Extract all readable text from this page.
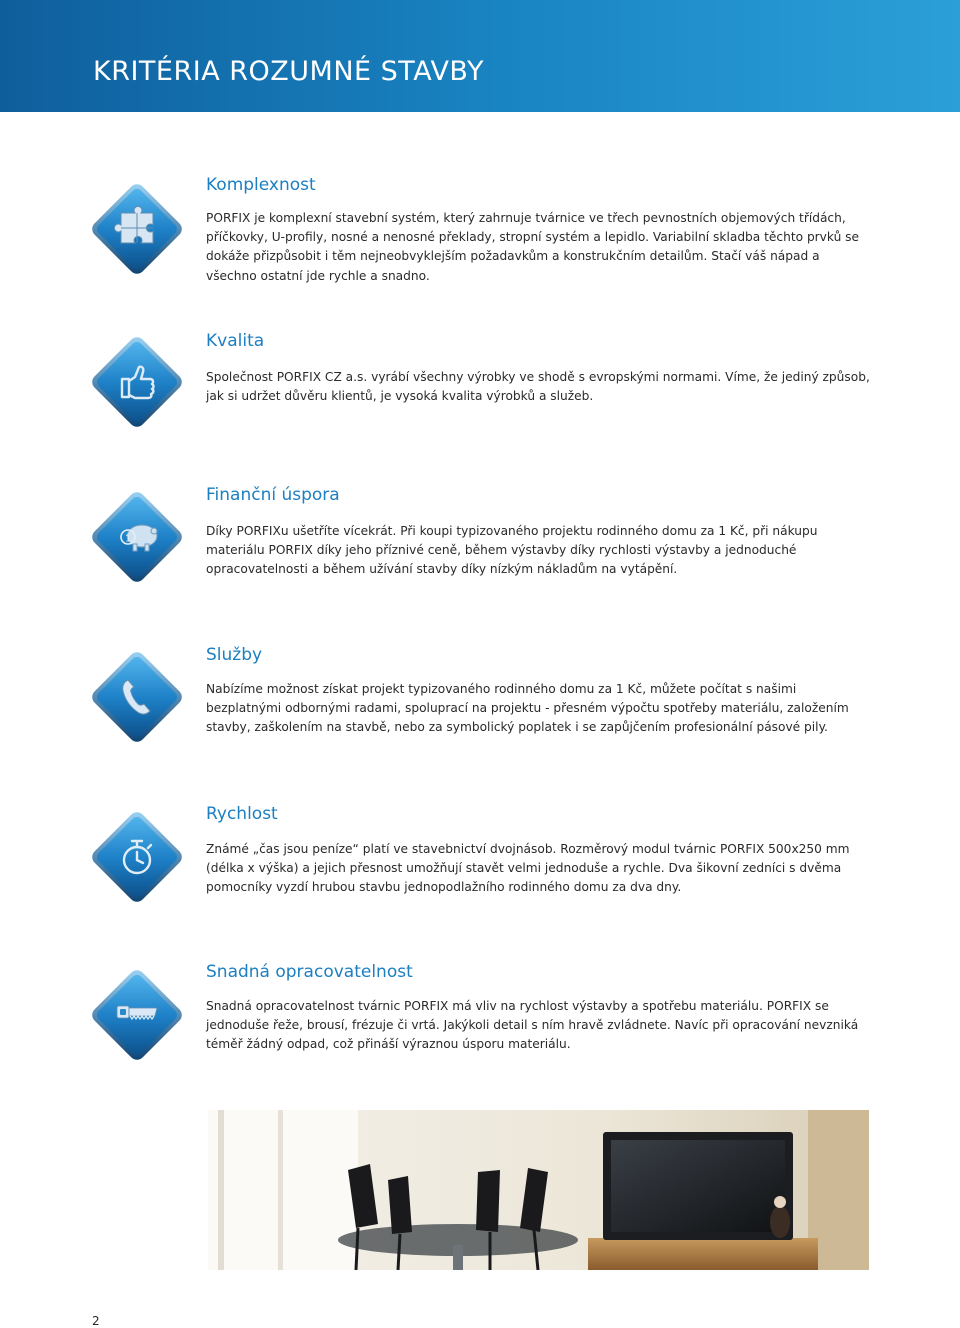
KRITÉRIA ROZUMNÉ STAVBY
Komplexnost
PORFIX je komplexní stavební systém, který zahrnuje tvárnice ve třech pevnostních objemových třídách, příčkovky, U-profily, nosné a nenosné překlady, stropní systém a lepidlo. Variabilní skladba těchto prvků se dokáže přizpůsobit i těm nejneobvyklejším požadavkům a konstrukčním detailům. Stačí váš nápad a všechno ostatní jde rychle a snadno.
Kvalita
Společnost PORFIX CZ a.s. vyrábí všechny výrobky ve shodě s evropskými normami. Víme, že jediný způsob, jak si udržet důvěru klientů, je vysoká kvalita výrobků a služeb.
1
Finanční úspora
Díky PORFIXu ušetříte vícekrát. Při koupi typizovaného projektu rodinného domu za 1 Kč, při nákupu materiálu PORFIX díky jeho příznivé ceně, během výstavby díky rychlosti výstavby a jednoduché opracovatelnosti a během užívání stavby díky nízkým nákladům na vytápění.
Služby
Nabízíme možnost získat projekt typizovaného rodinného domu za 1 Kč, můžete počítat s našimi bezplatnými odbornými radami, spoluprací na projektu - přesném výpočtu spotřeby materiálu, založením stavby, zaškolením na stavbě, nebo za symbolický poplatek i se zapůjčením profesionální pásové pily.
Rychlost
Známé „čas jsou peníze“ platí ve stavebnictví dvojnásob. Rozměrový modul tvárnic PORFIX 500x250 mm (délka x výška) a jejich přesnost umožňují stavět velmi jednoduše a rychle. Dva šikovní zedníci s dvěma pomocníky vyzdí hrubou stavbu jednopodlažního rodinného domu za dva dny.
Snadná opracovatelnost
Snadná opracovatelnost tvárnic PORFIX má vliv na rychlost výstavby a spotřebu materiálu. PORFIX se jednoduše řeže, brousí, frézuje či vrtá. Jakýkoli detail s ním hravě zvládnete. Navíc při opracování nevzniká téměř žádný odpad, což přináší výraznou úsporu materiálu.
2
